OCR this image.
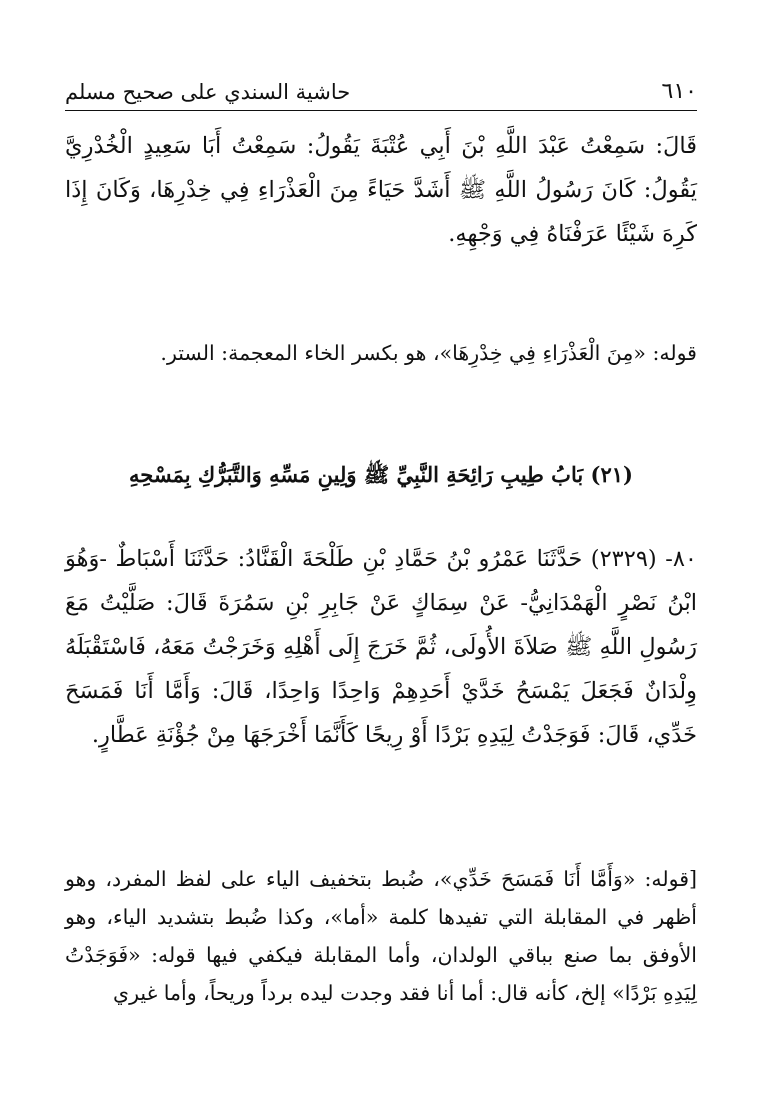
حاشية السندي على صحيح مسلم	٦١٠

قَالَ: سَمِعْتُ عَبْدَ اللَّهِ بْنَ أَبِي عُتْبَةَ يَقُولُ: سَمِعْتُ أَبَا سَعِيدٍ الْخُدْرِيَّ يَقُولُ: كَانَ رَسُولُ اللَّهِ ﷺ أَشَدَّ حَيَاءً مِنَ الْعَذْرَاءِ فِي خِدْرِهَا، وَكَانَ إِذَا كَرِهَ شَيْئًا عَرَفْنَاهُ فِي وَجْهِهِ.

قوله: «مِنَ الْعَذْرَاءِ فِي خِدْرِهَا»، هو بكسر الخاء المعجمة: الستر.

(٢١) بَابُ طِيبِ رَائِحَةِ النَّبِيِّ ﷺ وَلِينِ مَسِّهِ وَالتَّبَرُّكِ بِمَسْحِهِ

٨٠- (٢٣٢٩) حَدَّثَنَا عَمْرُو بْنُ حَمَّادِ بْنِ طَلْحَةَ الْقَنَّادُ: حَدَّثَنَا أَسْبَاطٌ -وَهُوَ ابْنُ نَصْرٍ الْهَمْدَانِيُّ- عَنْ سِمَاكٍ عَنْ جَابِرِ بْنِ سَمُرَةَ قَالَ: صَلَّيْتُ مَعَ رَسُولِ اللَّهِ ﷺ صَلاَةَ الأُولَى، ثُمَّ خَرَجَ إِلَى أَهْلِهِ وَخَرَجْتُ مَعَهُ، فَاسْتَقْبَلَهُ وِلْدَانٌ فَجَعَلَ يَمْسَحُ خَدَّيْ أَحَدِهِمْ وَاحِدًا وَاحِدًا، قَالَ: وَأَمَّا أَنَا فَمَسَحَ خَدِّي، قَالَ: فَوَجَدْتُ لِيَدِهِ بَرْدًا أَوْ رِيحًا كَأَنَّمَا أَخْرَجَهَا مِنْ جُؤْنَةِ عَطَّارٍ.

[قوله: «وَأَمَّا أَنَا فَمَسَحَ خَدِّي»، ضُبط بتخفيف الياء على لفظ المفرد، وهو أظهر في المقابلة التي تفيدها كلمة «أما»، وكذا ضُبط بتشديد الياء، وهو الأوفق بما صنع بباقي الولدان، وأما المقابلة فيكفي فيها قوله: «فَوَجَدْتُ لِيَدِهِ بَرْدًا» إلخ، كأنه قال: أما أنا فقد وجدت ليده برداً وريحاً، وأما غيري
